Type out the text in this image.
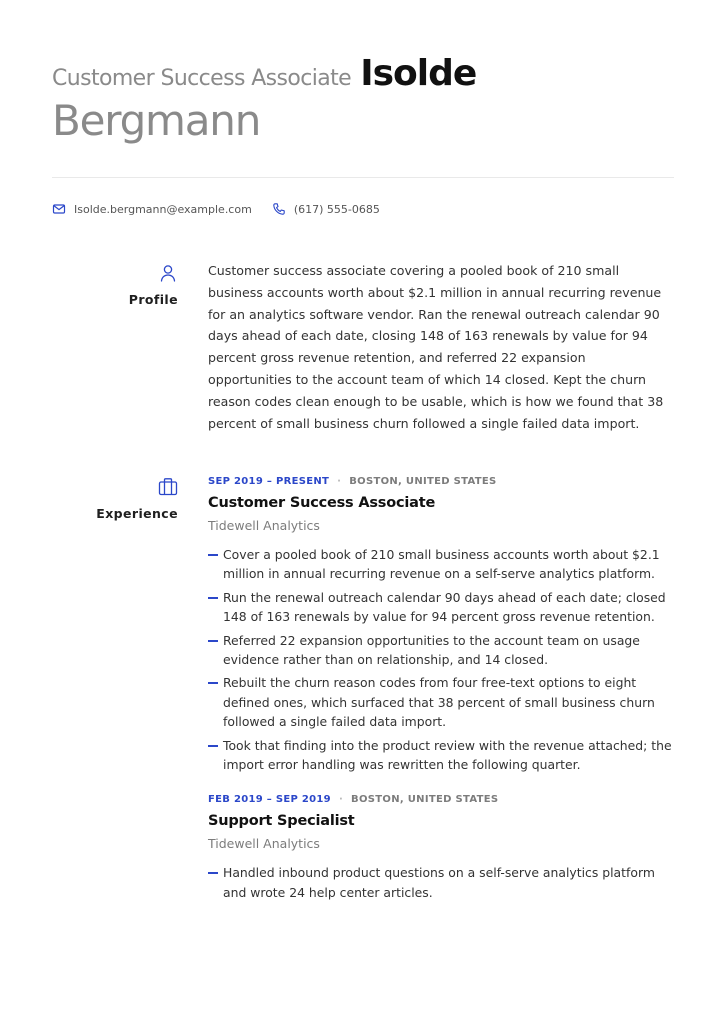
Customer Success Associate Isolde
Bergmann
Isolde.bergmann@example.com	(617) 555-0685
Profile

Customer success associate covering a pooled book of 210 small business accounts worth about $2.1 million in annual recurring revenue for an analytics software vendor. Ran the renewal outreach calendar 90 days ahead of each date, closing 148 of 163 renewals by value for 94 percent gross revenue retention, and referred 22 expansion opportunities to the account team of which 14 closed. Kept the churn reason codes clean enough to be usable, which is how we found that 38 percent of small business churn followed a single failed data import.

Experience
SEP 2019 – PRESENT · BOSTON, UNITED STATES
Customer Success Associate
Tidewell Analytics
Cover a pooled book of 210 small business accounts worth about $2.1 million in annual recurring revenue on a self-serve analytics platform.
Run the renewal outreach calendar 90 days ahead of each date; closed 148 of 163 renewals by value for 94 percent gross revenue retention.
Referred 22 expansion opportunities to the account team on usage evidence rather than on relationship, and 14 closed.
Rebuilt the churn reason codes from four free-text options to eight defined ones, which surfaced that 38 percent of small business churn followed a single failed data import.
Took that finding into the product review with the revenue attached; the import error handling was rewritten the following quarter.
FEB 2019 – SEP 2019 · BOSTON, UNITED STATES
Support Specialist
Tidewell Analytics
Handled inbound product questions on a self-serve analytics platform and wrote 24 help center articles.
